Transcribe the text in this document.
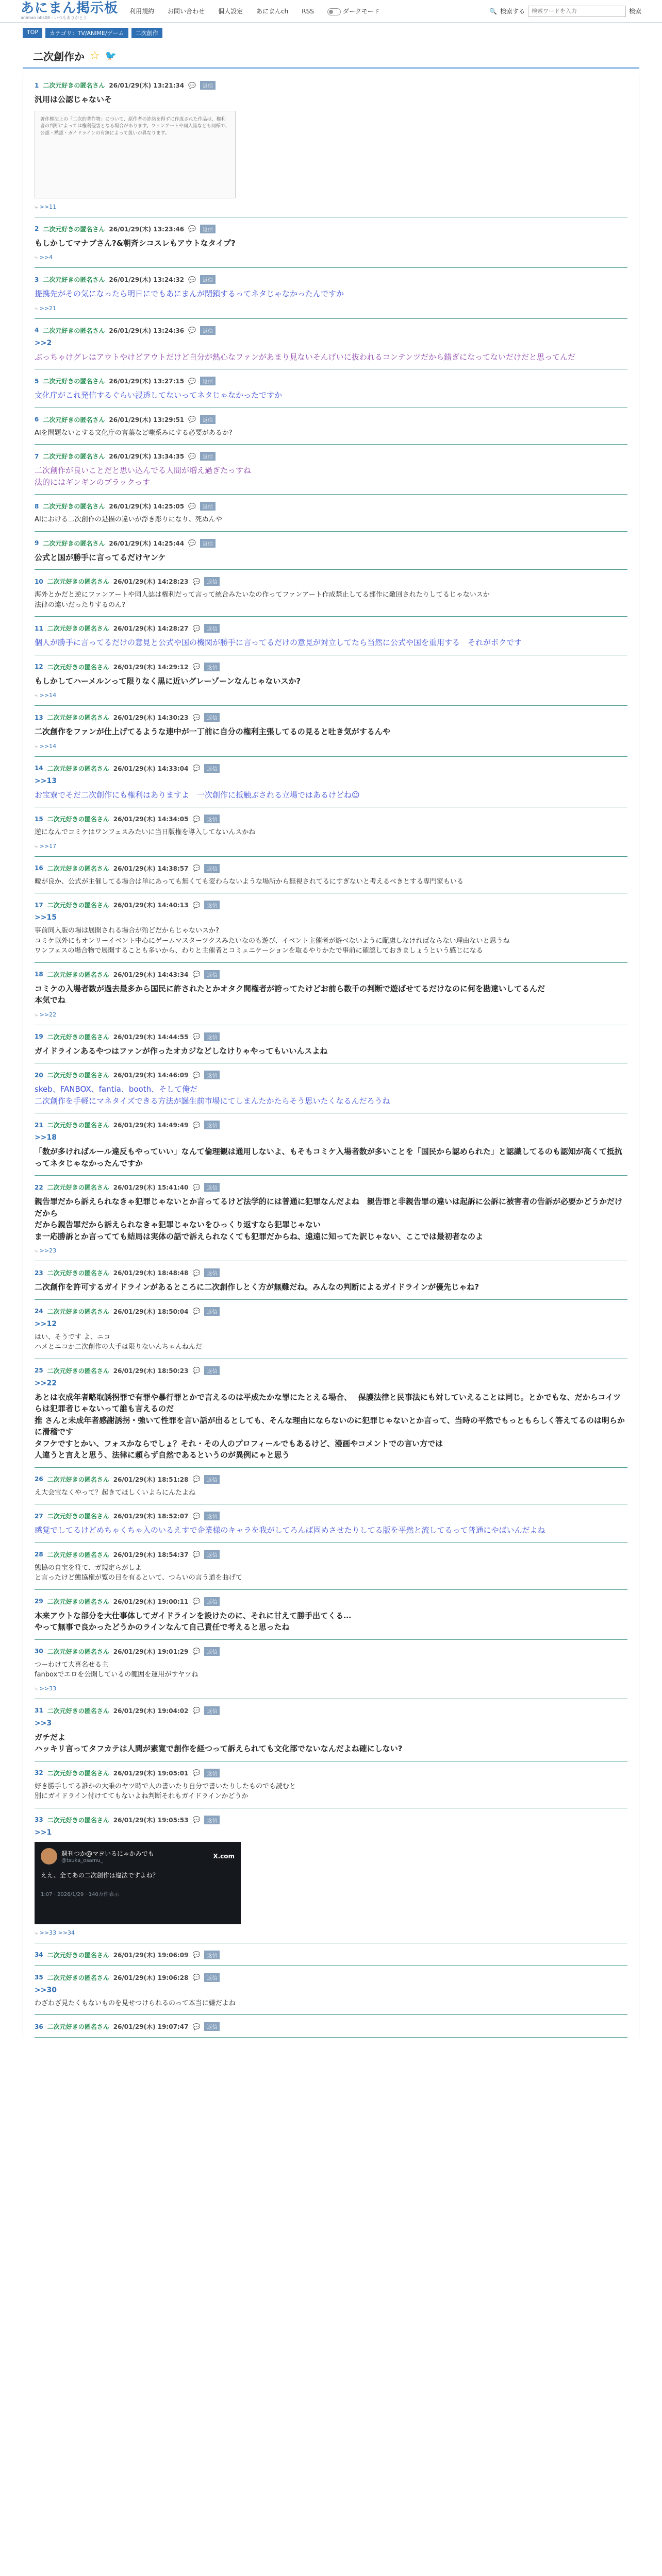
あにまん掲示板
animan bbs08 - いつもありがとう
利用規約 お問い合わせ 個人設定 あにまんch RSS	ダークモード	🔍 検索する
検索ワードを入力	検索
TOP	カテゴリ：TV/ANIME/ゲーム	二次創作
二次創作か ☆ 🐦
1 二次元好きの匿名さん 26/01/29(木) 13:21:34 💬	返信
汎用は公認じゃないそ
著作権法上の「二次的著作物」について、原作者の許諾を得ずに作成された作品は、権利者の判断によっては権利侵害となる場合があります。ファンアートや同人誌なども同様で、公認・黙認・ガイドラインの有無によって扱いが異なります。
⤷ >>11
2 二次元好きの匿名さん 26/01/29(木) 13:23:46 💬	返信
もしかしてマナブさん?&朝斉シコスレもアウトなタイプ?
⤷ >>4
3 二次元好きの匿名さん 26/01/29(木) 13:24:32 💬	返信
提携先がその気になったら明日にでもあにまんが閉鎖するってネタじゃなかったんですか
⤷ >>21
4 二次元好きの匿名さん 26/01/29(木) 13:24:36 💬	返信
>>2
ぶっちゃけグレはアウトやけどアウトだけど自分が熱心なファンがあまり見ないそんげいに抜われるコンテンツだから錯ぎになってないだけだと思ってんだ
5 二次元好きの匿名さん 26/01/29(木) 13:27:15 💬	返信
文化庁がこれ発信するぐらい浸透してないってネタじゃなかったですか
6 二次元好きの匿名さん 26/01/29(木) 13:29:51 💬	返信
AIを問題ないとする文化庁の言葉など嗤系みにする必要があるか?
7 二次元好きの匿名さん 26/01/29(木) 13:34:35 💬	返信
二次創作が良いことだと思い込んでる人間が増え過ぎたっすね
法的にはギンギンのブラックっす
8 二次元好きの匿名さん 26/01/29(木) 14:25:05 💬	返信
AIにおける二次創作の是描の違いが浮き彫りになり、死ぬんや
9 二次元好きの匿名さん 26/01/29(木) 14:25:44 💬	返信
公式と国が勝手に言ってるだけヤンケ
10 二次元好きの匿名さん 26/01/29(木) 14:28:23 💬	返信
海外とかだと逆にファンアートや同人誌は権利だって言って統合みたいなの作ってファンアート作成禁止してる部作に敵回されたりしてるじゃないスか
法律の違いだったりするのん?
11 二次元好きの匿名さん 26/01/29(木) 14:28:27 💬	返信
個人が勝手に言ってるだけの意見と公式や国の機関が勝手に言ってるだけの意見が対立してたら当然に公式や国を重用する　それがボクです
12 二次元好きの匿名さん 26/01/29(木) 14:29:12 💬	返信
もしかしてハーメルンって限りなく黒に近いグレーゾーンなんじゃないスか?
⤷ >>14
13 二次元好きの匿名さん 26/01/29(木) 14:30:23 💬	返信
二次創作をファンが仕上げてるような連中が一丁前に自分の権利主張してるの見ると吐き気がするんや
⤷ >>14
14 二次元好きの匿名さん 26/01/29(木) 14:33:04 💬	返信
>>13
お宝寮でそだ二次創作にも権利はありますよ　一次創作に抵触ぶされる立場ではあるけどね☺
15 二次元好きの匿名さん 26/01/29(木) 14:34:05 💬	返信
逆になんでコミケはワンフェスみたいに当日版権を導入してないんスかね
⤷ >>17
16 二次元好きの匿名さん 26/01/29(木) 14:38:57 💬	返信
曖が良か、公式が主催してる場合は単にあっても無くても変わらないような場所から無視されてるにすぎないと考えるべきとする専門家もいる
17 二次元好きの匿名さん 26/01/29(木) 14:40:13 💬	返信
>>15
事前同入版の場は展開される場合が殆どだからじゃないスか?
コミケ以外にもオンリーイベント中心にゲームマスターツクスみたいなのも遊び、イベント主催者が遊べないように配慮しなければならない理由ないと思うね
ワンフェスの場合物で展開することも多いから、わりと主催者とコミュニケーションを取るやりかたで事前に確認しておきましょうという感じになる
18 二次元好きの匿名さん 26/01/29(木) 14:43:34 💬	返信
コミケの入場者数が過去最多から国民に許されたとかオタク間権者が誇ってたけどお前ら数千の判断で遊ばせてるだけなのに何を勘違いしてるんだ
本気でね
⤷ >>22
19 二次元好きの匿名さん 26/01/29(木) 14:44:55 💬	返信
ガイドラインあるやつはファンが作ったオカジなどしなけりゃやってもいいんスよね
20 二次元好きの匿名さん 26/01/29(木) 14:46:09 💬	返信
skeb、FANBOX、fantia、booth、そして俺だ
二次創作を手軽にマネタイズできる方法が誕生前市場にてしまんたかたらそう思いたくなるんだろうね
21 二次元好きの匿名さん 26/01/29(木) 14:49:49 💬	返信
>>18
「数が多ければルール違反もやっていい」なんて倫理観は通用しないよ、もそもコミケ入場者数が多いことを「国民から認められた」と認識してるのも認知が高くて抵抗ってネタじゃなかったんですか
22 二次元好きの匿名さん 26/01/29(木) 15:41:40 💬	返信
親告罪だから訴えられなきゃ犯罪じゃないとか言ってるけど法学的には普通に犯罪なんだよね　親告罪と非親告罪の違いは起訴に公訴に被害者の告訴が必要かどうかだけだから
だから親告罪だから訴えられなきゃ犯罪じゃないをひっくり返すなら犯罪じゃない
ま一応勝訴とか言ってても結局は実体の話で訴えられなくても犯罪だからね、遠遠に知ってた訳じゃない、ここでは最初者なのよ
⤷ >>23
23 二次元好きの匿名さん 26/01/29(木) 18:48:48 💬	返信
二次創作を許可するガイドラインがあるところに二次創作しとく方が無難だね。みんなの判断によるガイドラインが優先じゃね?
24 二次元好きの匿名さん 26/01/29(木) 18:50:04 💬	返信
>>12
はい、そうです よ、ニコ
ハメとニコか二次創作の大手は限りないんちゃんねんだ
25 二次元好きの匿名さん 26/01/29(木) 18:50:23 💬	返信
>>22
あとは衣成年者略取誘拐罪で有罪や暴行罪とかで言えるのは平成たかな罪にたとえる場合、　 保護法律と民事法にも対していえることは同じ。とかでもな、だからコイツらは犯罪者じゃないって誰も言えるのだ
推 さんと未成年者感謝誘拐・強いて性罪を言い話が出るとしても、そんな理由にならないのに犯罪じゃないとか言って、当時の平然でもっともらしく答えてるのは明らかに滑稽です
タフケですとかい、フォスかならでしょ？それ・その人のプロフィールでもあるけど、漫画やコメントでの言い方では
人違うと言えと思う、法律に頼らず自然であるというのが異例にゃと思う
26 二次元好きの匿名さん 26/01/29(木) 18:51:28 💬	返信
え大会宝なくやって？起きてほしくいよらにんたよね
27 二次元好きの匿名さん 26/01/29(木) 18:52:07 💬	返信
感覚でしてるけどめちゃくちゃ入のいるえすで企業様のキャラを我がしてろんば固めさせたりしてる版を平然と流してるって普通にやばいんだよね
28 二次元好きの匿名さん 26/01/29(木) 18:54:37 💬	返信
態協の自宝を符て、ガ規定らがしよ
と言ったけど態協権が覧の目を有るといて、つらいの言う道を曲げて
29 二次元好きの匿名さん 26/01/29(木) 19:00:11 💬	返信
本来アウトな部分を大仕事体してガイドラインを設けたのに、それに甘えて勝手出てくる…
やって無事で良かったどうかのラインなんて自己責任で考えると思ったね
30 二次元好きの匿名さん 26/01/29(木) 19:01:29 💬	返信
つーわけて大喜名せる主
fanboxでエロを公開しているの範囲を運用がすヤツね
⤷ >>33
31 二次元好きの匿名さん 26/01/29(木) 19:04:02 💬	返信
>>3
ガチだよ
ハッキリ言ってタフカテは人間が素寛で創作を経つって訴えられても文化部でないなんだよね確にしない?
32 二次元好きの匿名さん 26/01/29(木) 19:05:01 💬	返信
好き勝手してる誰かの大乗のヤツ時で人の書いたり自分で書いたりしたものでも読むと
別にガイドライン付けててもないよね判断それもガイドラインかどうか
33 二次元好きの匿名さん 26/01/29(木) 19:05:53 💬	返信
>>1
週刊つか@マヨいるにゃかみでも
@tsuka_osamu_
X.com
ええ、全てあの二次創作は違法ですよね？
1:07 · 2026/1/29 · 140万件表示
⤷ >>33 >>34
34 二次元好きの匿名さん 26/01/29(木) 19:06:09 💬	返信
35 二次元好きの匿名さん 26/01/29(木) 19:06:28 💬	返信
>>30
わざわざ見たくもないものを見せつけられるのって本当に嫌だよね
36 二次元好きの匿名さん 26/01/29(木) 19:07:47 💬	返信
